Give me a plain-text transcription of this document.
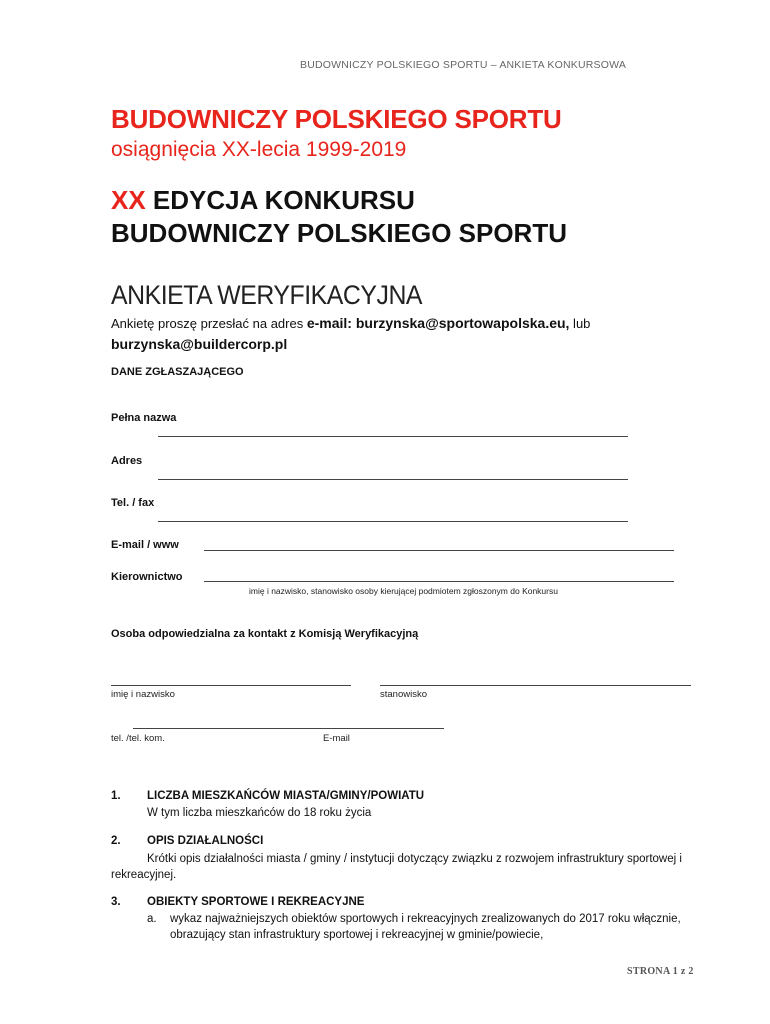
BUDOWNICZY POLSKIEGO SPORTU – ANKIETA KONKURSOWA
BUDOWNICZY POLSKIEGO SPORTU
osiągnięcia XX-lecia 1999-2019
XX EDYCJA KONKURSU
BUDOWNICZY POLSKIEGO SPORTU
ANKIETA WERYFIKACYJNA
Ankietę proszę przesłać na adres e-mail: burzynska@sportowapolska.eu, lub
burzynska@buildercorp.pl
DANE ZGŁASZAJĄCEGO
Pełna nazwa
Adres
Tel. / fax
E-mail / www
Kierownictwo
imię i nazwisko, stanowisko osoby kierującej podmiotem zgłoszonym do Konkursu
Osoba odpowiedzialna za kontakt z Komisją Weryfikacyjną
imię i nazwisko	stanowisko
tel. /tel. kom.	E-mail
1. LICZBA MIESZKAŃCÓW MIASTA/GMINY/POWIATU
W tym liczba mieszkańców do 18 roku życia
2. OPIS DZIAŁALNOŚCI
Krótki opis działalności miasta / gminy / instytucji dotyczący związku z rozwojem infrastruktury sportowej i
rekreacyjnej.
3. OBIEKTY SPORTOWE I REKREACYJNE
a. wykaz najważniejszych obiektów sportowych i rekreacyjnych zrealizowanych do 2017 roku włącznie,
obrazujący stan infrastruktury sportowej i rekreacyjnej w gminie/powiecie,
STRONA 1 z 2
